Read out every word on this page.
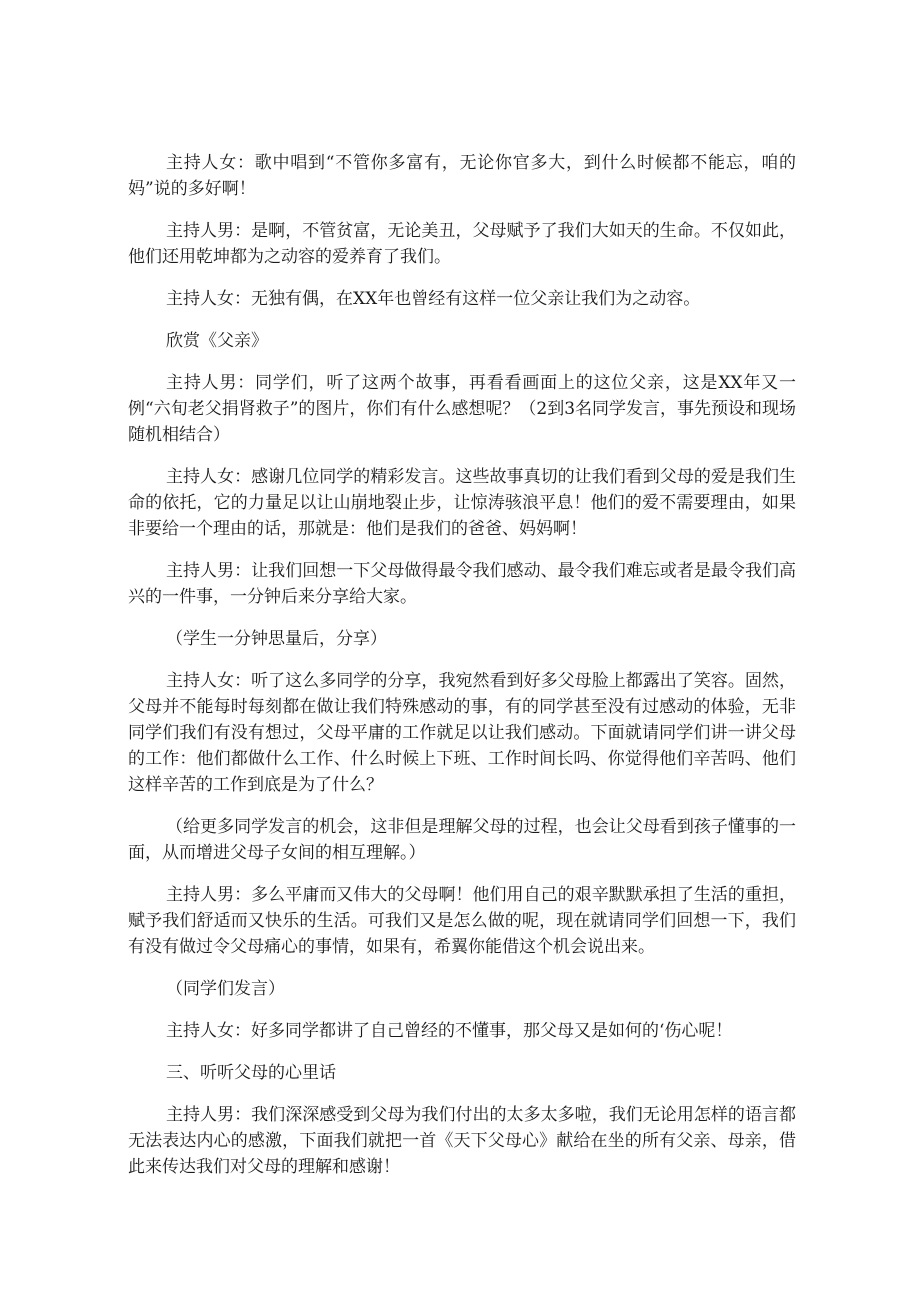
主持人女：歌中唱到“不管你多富有，无论你官多大，到什么时候都不能忘，咱的妈”说的多好啊！

主持人男：是啊，不管贫富，无论美丑，父母赋予了我们大如天的生命。不仅如此，他们还用乾坤都为之动容的爱养育了我们。

主持人女：无独有偶，在XX年也曾经有这样一位父亲让我们为之动容。

欣赏《父亲》

主持人男：同学们，听了这两个故事，再看看画面上的这位父亲，这是XX年又一例“六旬老父捐肾救子”的图片，你们有什么感想呢？（2到3名同学发言，事先预设和现场随机相结合）

主持人女：感谢几位同学的精彩发言。这些故事真切的让我们看到父母的爱是我们生命的依托，它的力量足以让山崩地裂止步，让惊涛骇浪平息！他们的爱不需要理由，如果非要给一个理由的话，那就是：他们是我们的爸爸、妈妈啊！

主持人男：让我们回想一下父母做得最令我们感动、最令我们难忘或者是最令我们高兴的一件事，一分钟后来分享给大家。

（学生一分钟思量后，分享）

主持人女：听了这么多同学的分享，我宛然看到好多父母脸上都露出了笑容。固然，父母并不能每时每刻都在做让我们特殊感动的事，有的同学甚至没有过感动的体验，无非同学们我们有没有想过，父母平庸的工作就足以让我们感动。下面就请同学们讲一讲父母的工作：他们都做什么工作、什么时候上下班、工作时间长吗、你觉得他们辛苦吗、他们这样辛苦的工作到底是为了什么？

（给更多同学发言的机会，这非但是理解父母的过程，也会让父母看到孩子懂事的一面，从而增进父母子女间的相互理解。）

主持人男：多么平庸而又伟大的父母啊！他们用自己的艰辛默默承担了生活的重担，赋予我们舒适而又快乐的生活。可我们又是怎么做的呢，现在就请同学们回想一下，我们有没有做过令父母痛心的事情，如果有，希翼你能借这个机会说出来。

（同学们发言）

主持人女：好多同学都讲了自己曾经的不懂事，那父母又是如何的‘伤心呢！

三、听听父母的心里话

主持人男：我们深深感受到父母为我们付出的太多太多啦，我们无论用怎样的语言都无法表达内心的感激，下面我们就把一首《天下父母心》献给在坐的所有父亲、母亲，借此来传达我们对父母的理解和感谢！
